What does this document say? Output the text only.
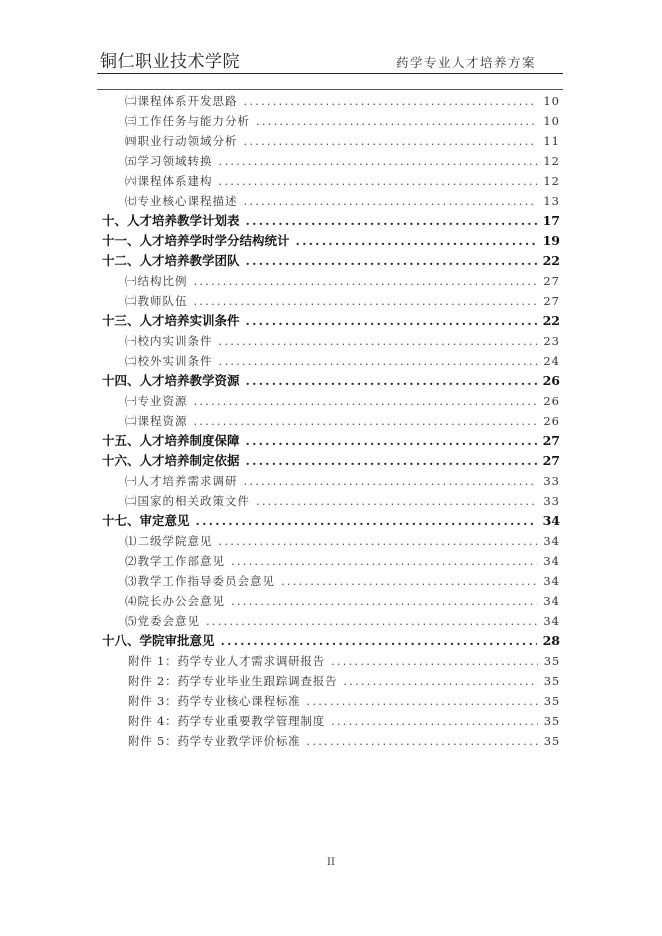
铜仁职业技术学院	药学专业人才培养方案
㈡课程体系开发思路 .....	10
㈢工作任务与能力分析 .....	10
㈣职业行动领域分析 .....	11
㈤学习领域转换 .....	12
㈥课程体系建构 .....	12
㈦专业核心课程描述 .....	13
十、人才培养教学计划表 .....	17
十一、人才培养学时学分结构统计 .....	19
十二、人才培养教学团队 .....	22
㈠结构比例 .....	27
㈡教师队伍 .....	27
十三、人才培养实训条件 .....	22
㈠校内实训条件 .....	23
㈡校外实训条件 .....	24
十四、人才培养教学资源 .....	26
㈠专业资源 .....	26
㈡课程资源 .....	26
十五、人才培养制度保障 .....	27
十六、人才培养制定依据 .....	27
㈠人才培养需求调研 .....	33
㈡国家的相关政策文件 .....	33
十七、审定意见 .....	34
⑴二级学院意见 .....	34
⑵教学工作部意见 .....	34
⑶教学工作指导委员会意见 .....	34
⑷院长办公会意见 .....	34
⑸党委会意见 .....	34
十八、学院审批意见 .....	28
附件 1：药学专业人才需求调研报告 .....	35
附件 2：药学专业毕业生跟踪调查报告 .....	35
附件 3：药学专业核心课程标准 .....	35
附件 4：药学专业重要教学管理制度 .....	35
附件 5：药学专业教学评价标准 .....	35
II
